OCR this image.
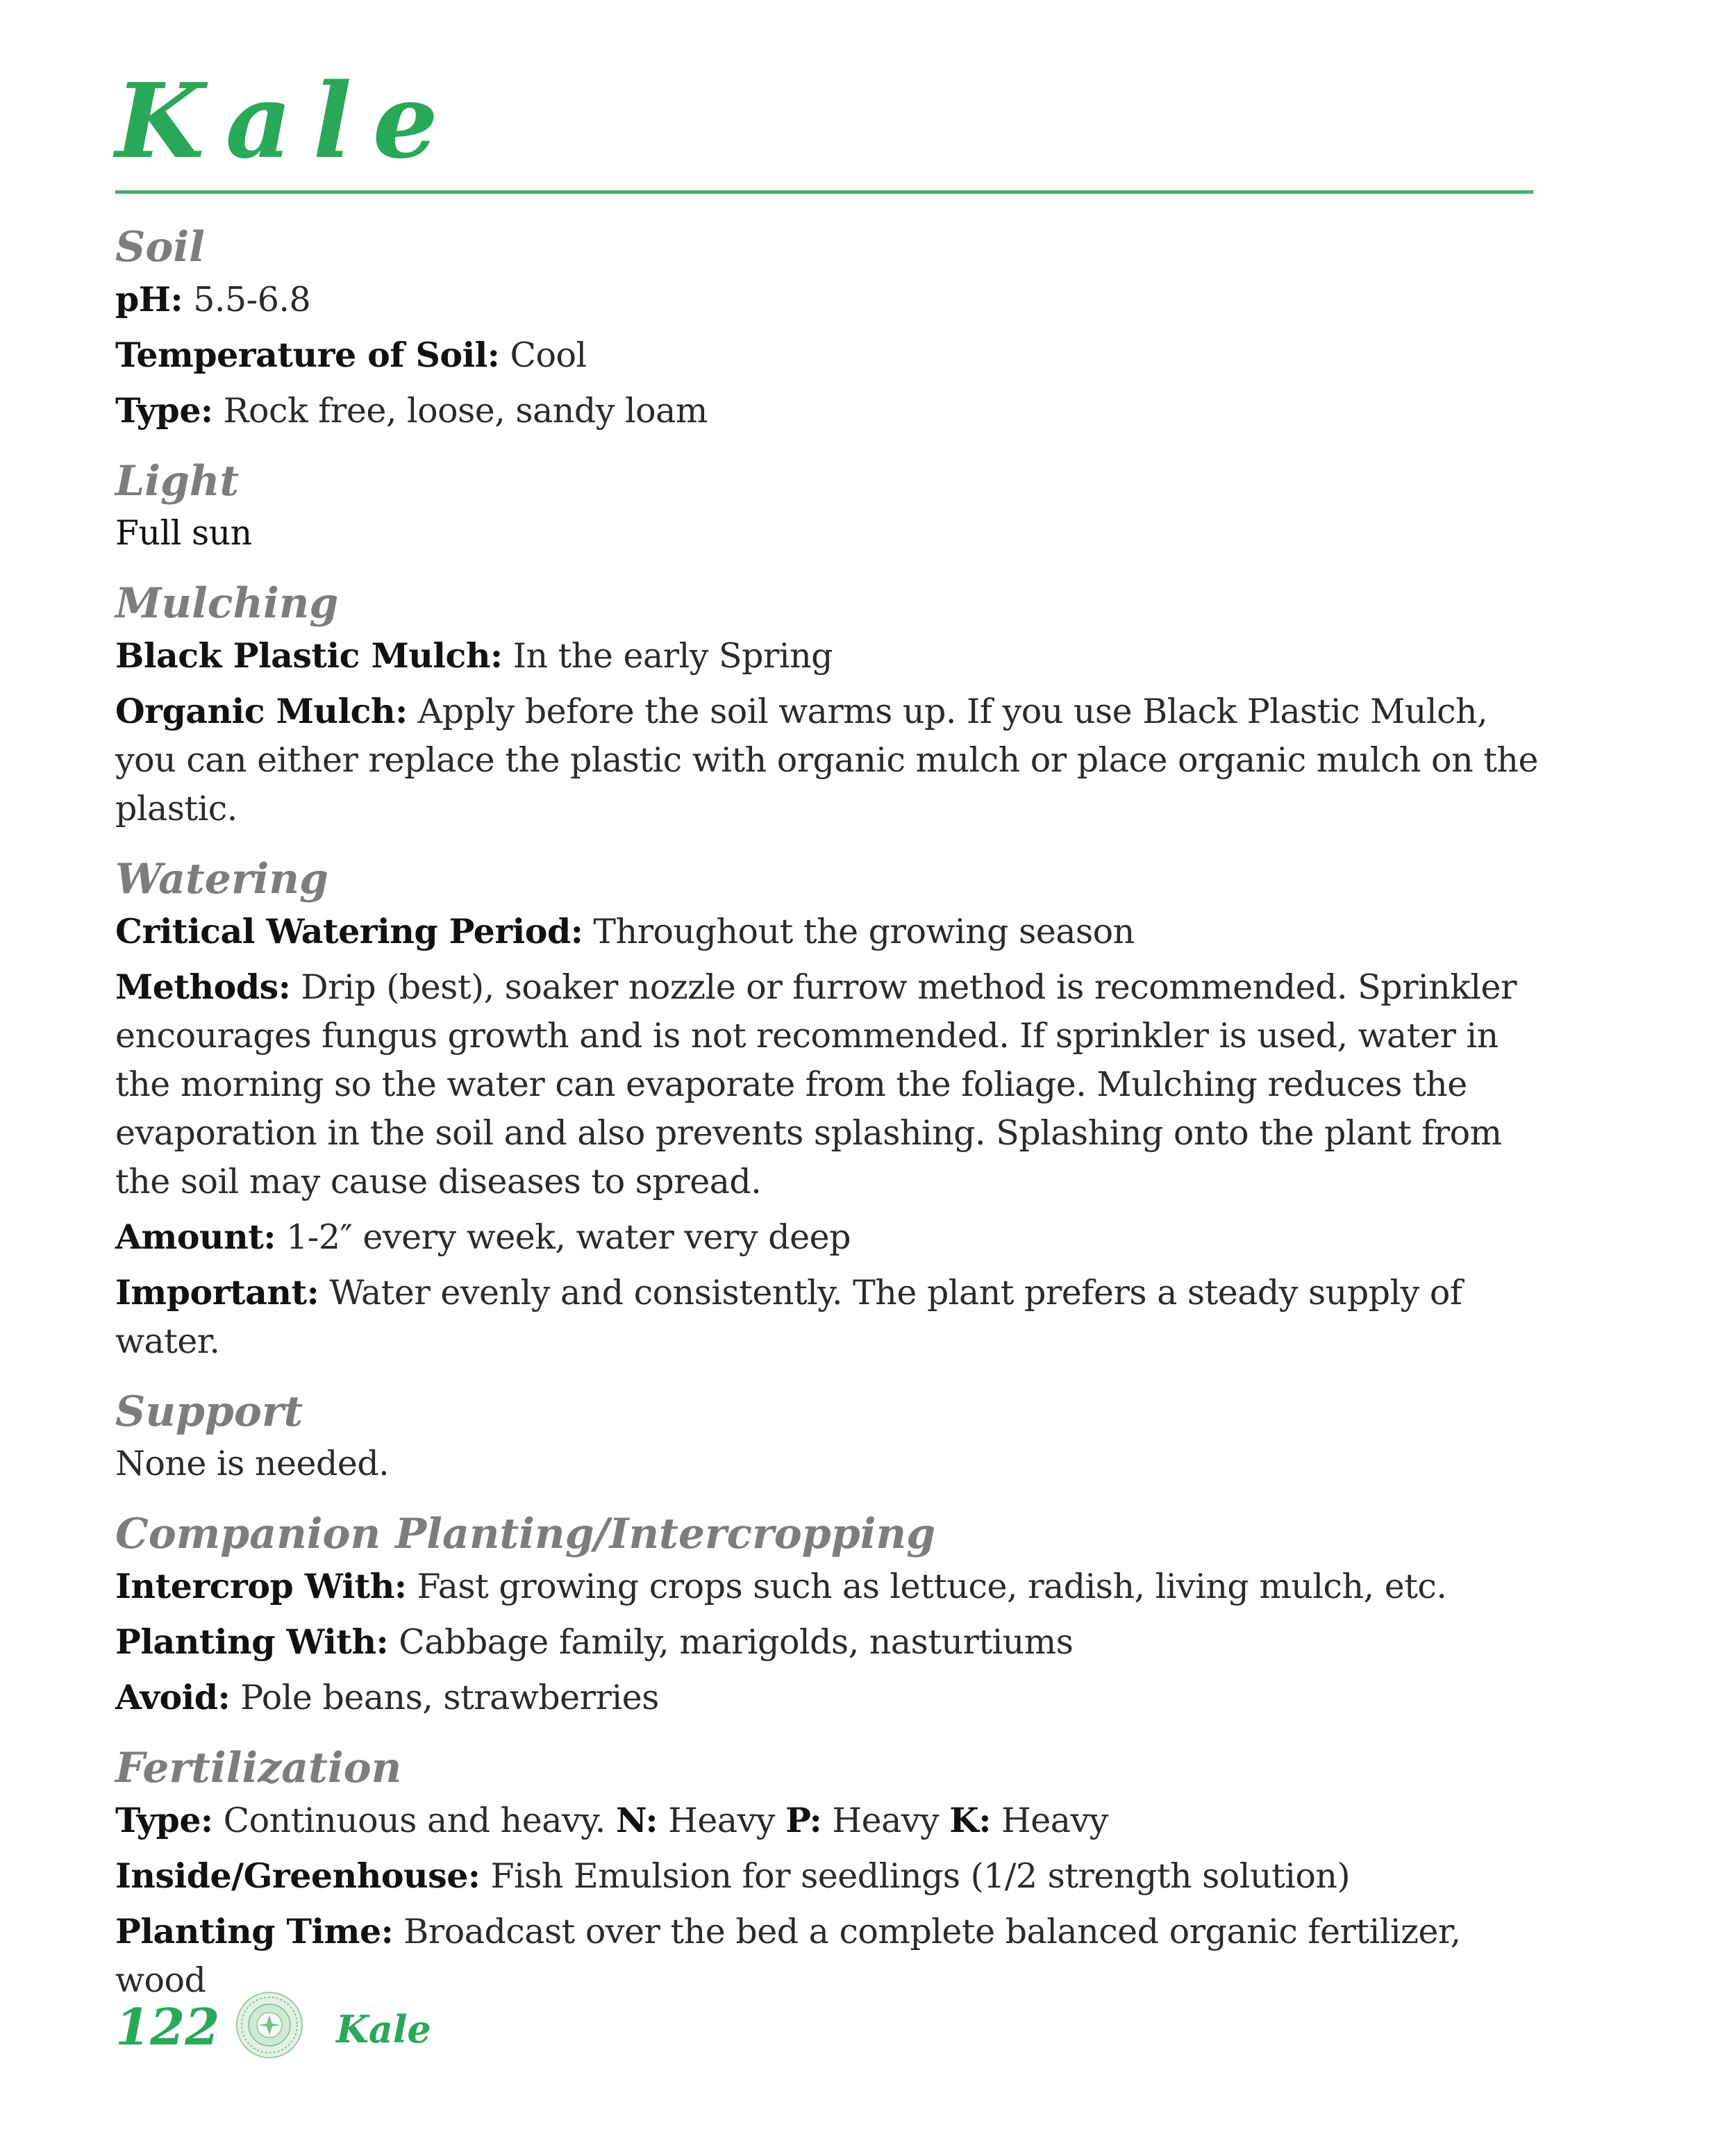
Kale
Soil

pH: 5.5-6.8

Temperature of Soil: Cool

Type: Rock free, loose, sandy loam

Light

Full sun

Mulching

Black Plastic Mulch: In the early Spring

Organic Mulch: Apply before the soil warms up. If you use Black Plastic Mulch, you can either replace the plastic with organic mulch or place organic mulch on the plastic.

Watering

Critical Watering Period: Throughout the growing season

Methods: Drip (best), soaker nozzle or furrow method is recommended. Sprinkler encourages fungus growth and is not recommended. If sprinkler is used, water in the morning so the water can evaporate from the foliage. Mulching reduces the evaporation in the soil and also prevents splashing. Splashing onto the plant from the soil may cause diseases to spread.

Amount: 1-2″ every week, water very deep

Important: Water evenly and consistently. The plant prefers a steady supply of water.

Support

None is needed.

Companion Planting/Intercropping

Intercrop With: Fast growing crops such as lettuce, radish, living mulch, etc.

Planting With: Cabbage family, marigolds, nasturtiums

Avoid: Pole beans, strawberries

Fertilization

Type: Continuous and heavy. N: Heavy P: Heavy K: Heavy

Inside/Greenhouse: Fish Emulsion for seedlings (1/2 strength solution)

Planting Time: Broadcast over the bed a complete balanced organic fertilizer, wood

122	Kale
